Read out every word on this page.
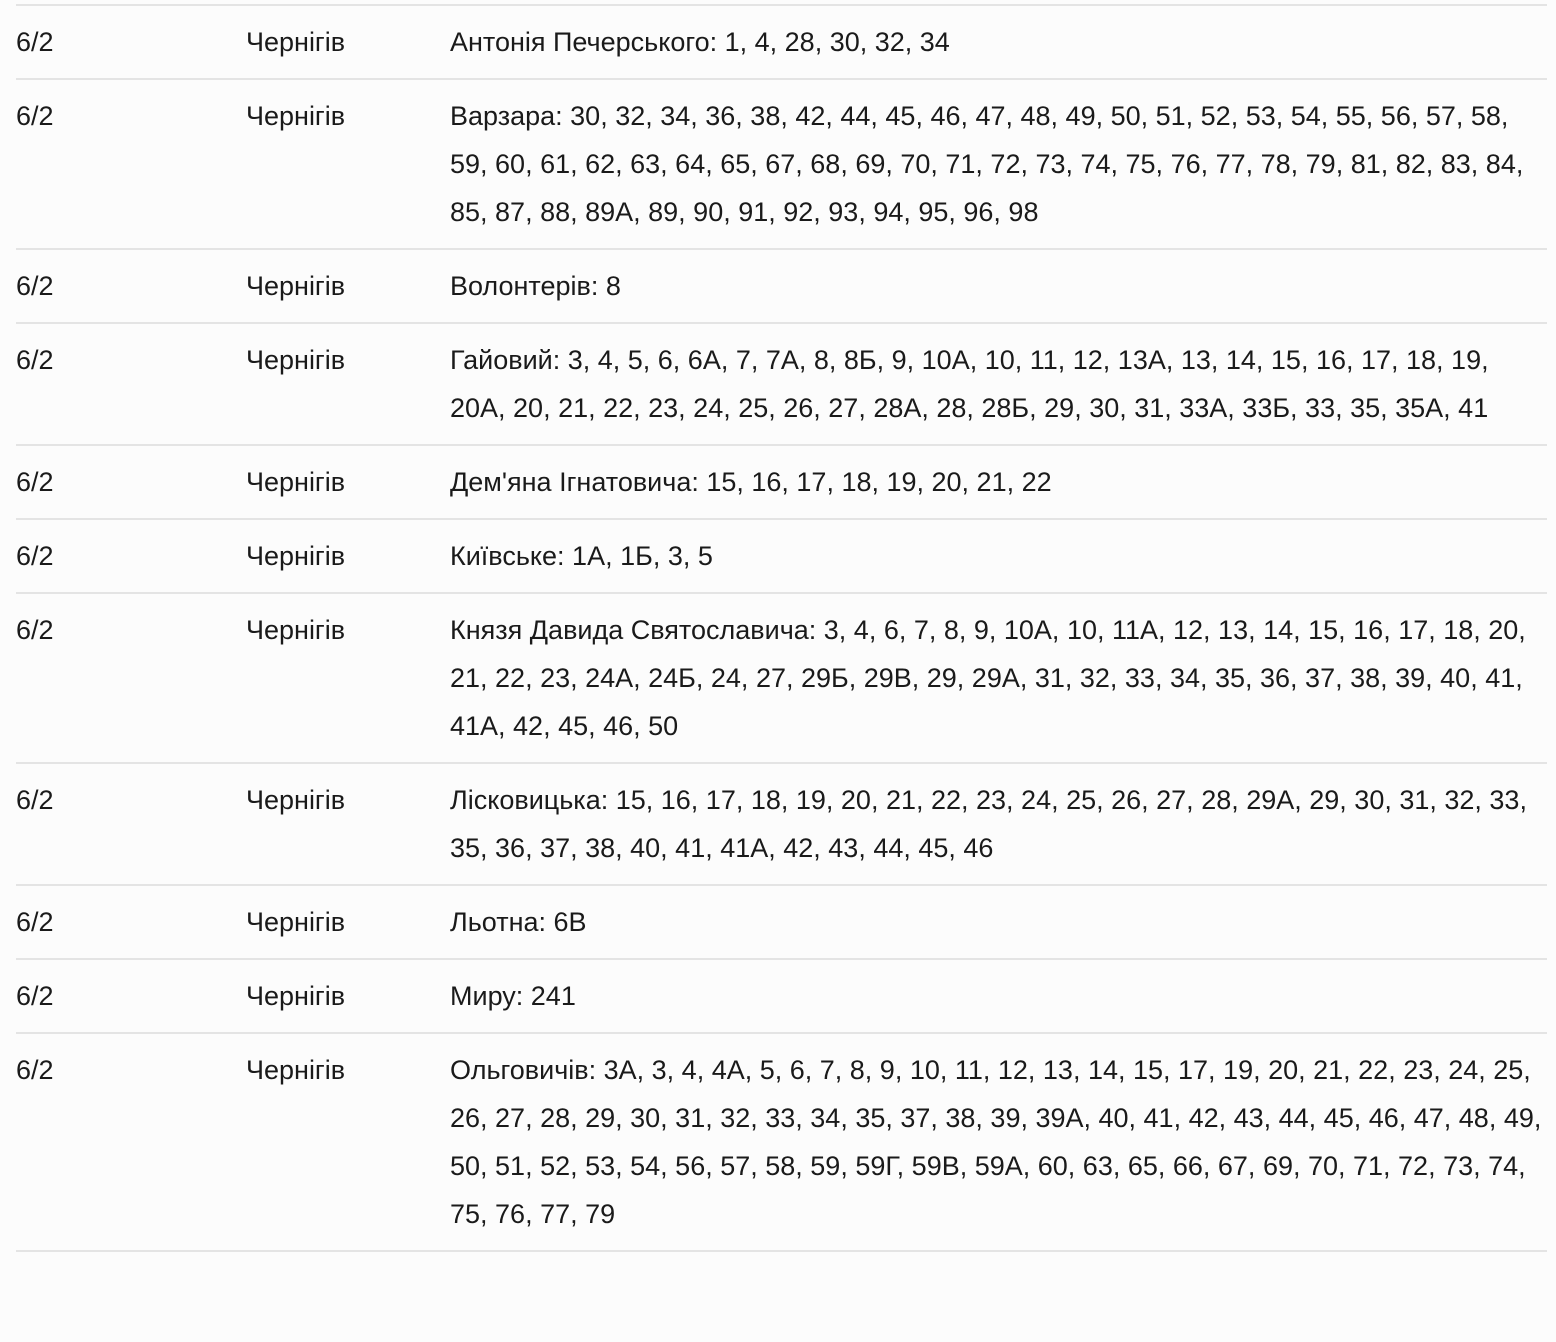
6/2	Чернігів	Антонія Печерського: 1, 4, 28, 30, 32, 34
6/2	Чернігів	Варзара: 30, 32, 34, 36, 38, 42, 44, 45, 46, 47, 48, 49, 50, 51, 52, 53, 54, 55, 56, 57, 58, 59, 60, 61, 62, 63, 64, 65, 67, 68, 69, 70, 71, 72, 73, 74, 75, 76, 77, 78, 79, 81, 82, 83, 84, 85, 87, 88, 89А, 89, 90, 91, 92, 93, 94, 95, 96, 98
6/2	Чернігів	Волонтерів: 8
6/2	Чернігів	Гайовий: 3, 4, 5, 6, 6А, 7, 7А, 8, 8Б, 9, 10А, 10, 11, 12, 13А, 13, 14, 15, 16, 17, 18, 19, 20А, 20, 21, 22, 23, 24, 25, 26, 27, 28А, 28, 28Б, 29, 30, 31, 33А, 33Б, 33, 35, 35А, 41
6/2	Чернігів	Дем'яна Ігнатовича: 15, 16, 17, 18, 19, 20, 21, 22
6/2	Чернігів	Київське: 1А, 1Б, 3, 5
6/2	Чернігів	Князя Давида Святославича: 3, 4, 6, 7, 8, 9, 10А, 10, 11А, 12, 13, 14, 15, 16, 17, 18, 20, 21, 22, 23, 24А, 24Б, 24, 27, 29Б, 29В, 29, 29А, 31, 32, 33, 34, 35, 36, 37, 38, 39, 40, 41, 41А, 42, 45, 46, 50
6/2	Чернігів	Лісковицька: 15, 16, 17, 18, 19, 20, 21, 22, 23, 24, 25, 26, 27, 28, 29А, 29, 30, 31, 32, 33, 35, 36, 37, 38, 40, 41, 41А, 42, 43, 44, 45, 46
6/2	Чернігів	Льотна: 6В
6/2	Чернігів	Миру: 241
6/2	Чернігів	Ольговичів: 3А, 3, 4, 4А, 5, 6, 7, 8, 9, 10, 11, 12, 13, 14, 15, 17, 19, 20, 21, 22, 23, 24, 25, 26, 27, 28, 29, 30, 31, 32, 33, 34, 35, 37, 38, 39, 39А, 40, 41, 42, 43, 44, 45, 46, 47, 48, 49, 50, 51, 52, 53, 54, 56, 57, 58, 59, 59Г, 59В, 59А, 60, 63, 65, 66, 67, 69, 70, 71, 72, 73, 74, 75, 76, 77, 79
